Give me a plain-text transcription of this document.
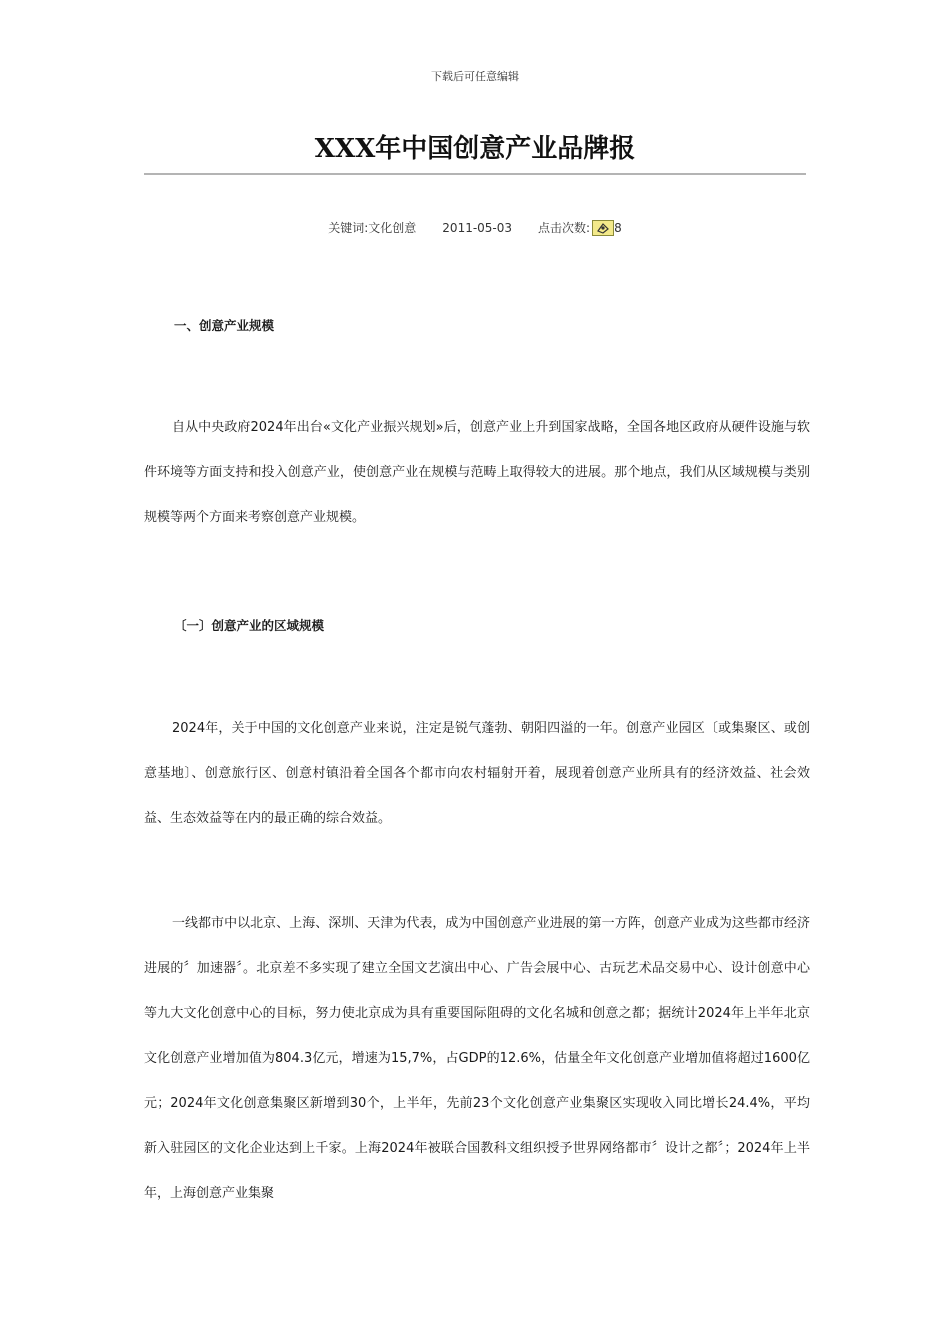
下载后可任意编辑
XXX年中国创意产业品牌报
关键词:文化创意 2011-05-03 点击次数: 8

一、创意产业规模

自从中央政府2024年出台«文化产业振兴规划»后，创意产业上升到国家战略，全国各地区政府从硬件设施与软件环境等方面支持和投入创意产业，使创意产业在规模与范畴上取得较大的进展。那个地点，我们从区域规模与类别规模等两个方面来考察创意产业规模。

〔一〕创意产业的区域规模

2024年，关于中国的文化创意产业来说，注定是锐气蓬勃、朝阳四溢的一年。创意产业园区〔或集聚区、或创意基地〕、创意旅行区、创意村镇沿着全国各个都市向农村辐射开着，展现着创意产业所具有的经济效益、社会效益、生态效益等在内的最正确的综合效益。

一线都市中以北京、上海、深圳、天津为代表，成为中国创意产业进展的第一方阵，创意产业成为这些都市经济进展的〞加速器〞。北京差不多实现了建立全国文艺演出中心、广告会展中心、古玩艺术品交易中心、设计创意中心等九大文化创意中心的目标，努力使北京成为具有重要国际阻碍的文化名城和创意之都；据统计2024年上半年北京文化创意产业增加值为804.3亿元，增速为15,7%，占GDP的12.6%，估量全年文化创意产业增加值将超过1600亿元；2024年文化创意集聚区新增到30个，上半年，先前23个文化创意产业集聚区实现收入同比增长24.4%，平均新入驻园区的文化企业达到上千家。上海2024年被联合国教科文组织授予世界网络都市〞设计之都〞；2024年上半年，上海创意产业集聚
